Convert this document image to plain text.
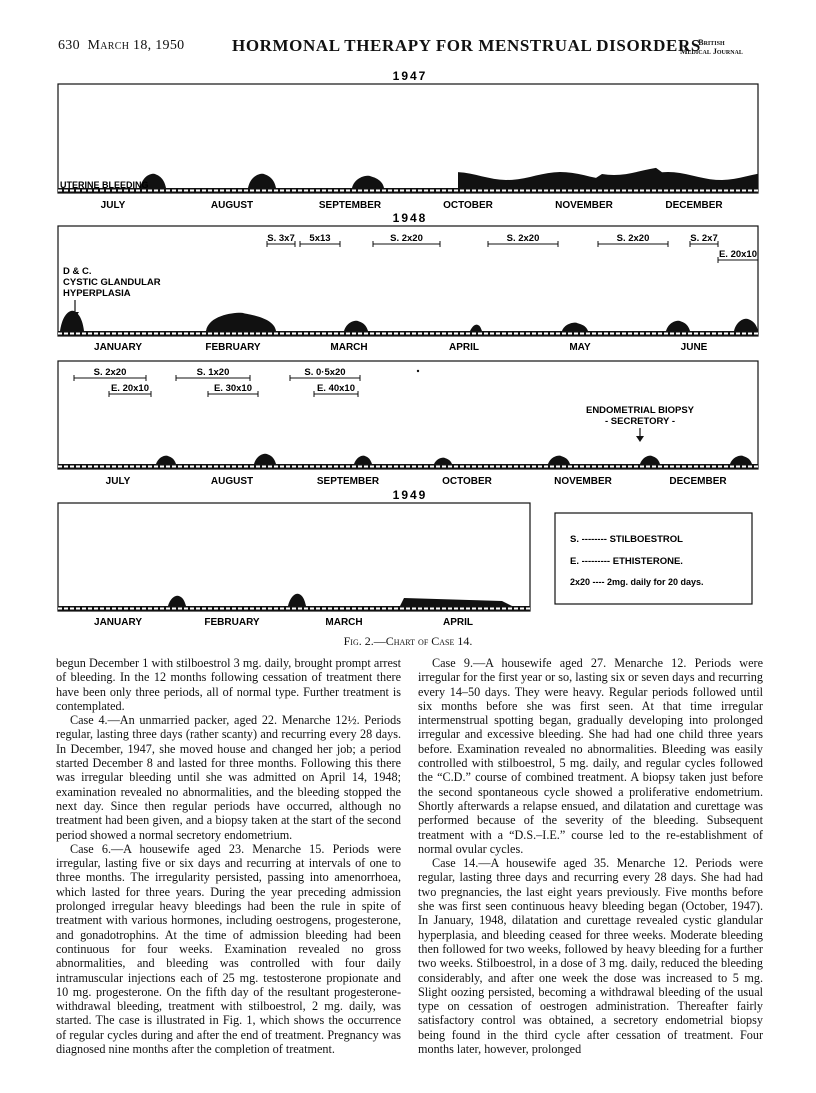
630 March 18, 1950	HORMONAL THERAPY FOR MENSTRUAL DISORDERS
British
Medical Journal
1947
JULY	AUGUST	SEPTEMBER	OCTOBER	NOVEMBER	DECEMBER
1948
JANUARY	FEBRUARY	MARCH	APRIL	MAY	JUNE
JULY	AUGUST	SEPTEMBER	OCTOBER	NOVEMBER	DECEMBER
1949
JANUARY	FEBRUARY	MARCH	APRIL
UTERINE BLEEDING
D & C.
CYSTIC GLANDULAR
HYPERPLASIA
S. 3x7 5x13	S. 2x20	S. 2x20	S. 2x20	S. 2x7
E. 20x10
S. 2x20
E. 20x10
S. 1x20
E. 30x10
S. 0·5x20
E. 40x10
ENDOMETRIAL BIOPSY
- SECRETORY -
S. -------- STILBOESTROL
E. --------- ETHISTERONE.
2x20 ---- 2mg. daily for 20 days.
Fig. 2.—Chart of Case 14.

begun December 1 with stilboestrol 3 mg. daily, brought prompt arrest of bleeding. In the 12 months following cessation of treatment there have been only three periods, all of normal type. Further treatment is contemplated.

Case 4.—An unmarried packer, aged 22. Menarche 12½. Periods regular, lasting three days (rather scanty) and recurring every 28 days. In December, 1947, she moved house and changed her job; a period started December 8 and lasted for three months. Following this there was irregular bleeding until she was admitted on April 14, 1948; examination revealed no abnormalities, and the bleeding stopped the next day. Since then regular periods have occurred, although no treatment had been given, and a biopsy taken at the start of the second period showed a normal secretory endometrium.

Case 6.—A housewife aged 23. Menarche 15. Periods were irregular, lasting five or six days and recurring at intervals of one to three months. The irregularity persisted, passing into amenorrhoea, which lasted for three years. During the year preceding admission prolonged irregular heavy bleedings had been the rule in spite of treatment with various hormones, including oestrogens, progesterone, and gonadotrophins. At the time of admission bleeding had been continuous for four weeks. Examination revealed no gross abnormalities, and bleeding was controlled with four daily intramuscular injections each of 25 mg. testosterone propionate and 10 mg. progesterone. On the fifth day of the resultant progesterone-withdrawal bleeding, treatment with stilboestrol, 2 mg. daily, was started. The case is illustrated in Fig. 1, which shows the occurrence of regular cycles during and after the end of treatment. Pregnancy was diagnosed nine months after the completion of treatment.

Case 9.—A housewife aged 27. Menarche 12. Periods were irregular for the first year or so, lasting six or seven days and recurring every 14–50 days. They were heavy. Regular periods followed until six months before she was first seen. At that time irregular intermenstrual spotting began, gradually developing into prolonged irregular and excessive bleeding. She had had one child three years before. Examination revealed no abnormalities. Bleeding was easily controlled with stilboestrol, 5 mg. daily, and regular cycles followed the “C.D.” course of combined treatment. A biopsy taken just before the second spontaneous cycle showed a proliferative endometrium. Shortly afterwards a relapse ensued, and dilatation and curettage was performed because of the severity of the bleeding. Subsequent treatment with a “D.S.–I.E.” course led to the re-establishment of normal ovular cycles.

Case 14.—A housewife aged 35. Menarche 12. Periods were regular, lasting three days and recurring every 28 days. She had had two pregnancies, the last eight years previously. Five months before she was first seen continuous heavy bleeding began (October, 1947). In January, 1948, dilatation and curettage revealed cystic glandular hyperplasia, and bleeding ceased for three weeks. Moderate bleeding then followed for two weeks, followed by heavy bleeding for a further two weeks. Stilboestrol, in a dose of 3 mg. daily, reduced the bleeding considerably, and after one week the dose was increased to 5 mg. Slight oozing persisted, becoming a withdrawal bleeding of the usual type on cessation of oestrogen administration. Thereafter fairly satisfactory control was obtained, a secretory endometrial biopsy being found in the third cycle after cessation of treatment. Four months later, however, prolonged
